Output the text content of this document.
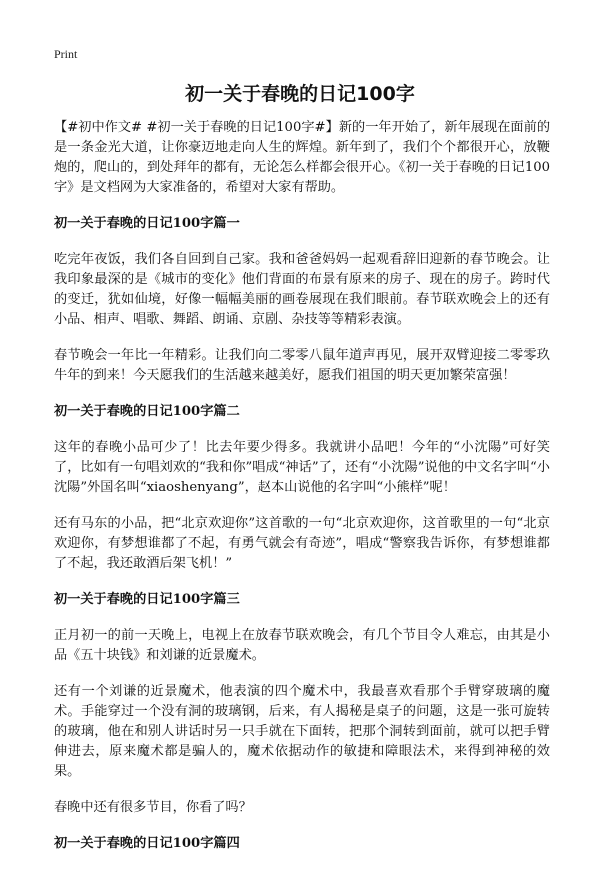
Print
初一关于春晚的日记100字

【#初中作文# #初一关于春晚的日记100字#】新的一年开始了，新年展现在面前的是一条金光大道，让你豪迈地走向人生的辉煌。新年到了，我们个个都很开心，放鞭炮的，爬山的，到处拜年的都有，无论怎么样都会很开心。《初一关于春晚的日记100字》是文档网为大家准备的，希望对大家有帮助。

初一关于春晚的日记100字篇一

吃完年夜饭，我们各自回到自己家。我和爸爸妈妈一起观看辞旧迎新的春节晚会。让我印象最深的是《城市的变化》他们背面的布景有原来的房子、现在的房子。跨时代的变迁，犹如仙境，好像一幅幅美丽的画卷展现在我们眼前。春节联欢晚会上的还有小品、相声、唱歌、舞蹈、朗诵、京剧、杂技等等精彩表演。

春节晚会一年比一年精彩。让我们向二零零八鼠年道声再见，展开双臂迎接二零零玖牛年的到来！今天愿我们的生活越来越美好，愿我们祖国的明天更加繁荣富强！

初一关于春晚的日记100字篇二

这年的春晚小品可少了！比去年要少得多。我就讲小品吧！今年的“小沈陽”可好笑了，比如有一句唱刘欢的“我和你”唱成“神话”了，还有“小沈陽”说他的中文名字叫“小沈陽”外国名叫“xiaoshenyang”，赵本山说他的名字叫“小熊样”呢！

还有马东的小品，把“北京欢迎你”这首歌的一句“北京欢迎你，这首歌里的一句“北京欢迎你，有梦想谁都了不起，有勇气就会有奇迹”，唱成“警察我告诉你，有梦想谁都了不起，我还敢酒后架飞机！”

初一关于春晚的日记100字篇三

正月初一的前一天晚上，电视上在放春节联欢晚会，有几个节目令人难忘，由其是小品《五十块钱》和刘谦的近景魔术。

还有一个刘谦的近景魔术，他表演的四个魔术中，我最喜欢看那个手臂穿玻璃的魔术。手能穿过一个没有洞的玻璃钢，后来，有人揭秘是桌子的问题，这是一张可旋转的玻璃，他在和别人讲话时另一只手就在下面转，把那个洞转到面前，就可以把手臂伸进去，原来魔术都是骗人的，魔术依据动作的敏捷和障眼法术，来得到神秘的效果。

春晚中还有很多节目，你看了吗？

初一关于春晚的日记100字篇四
